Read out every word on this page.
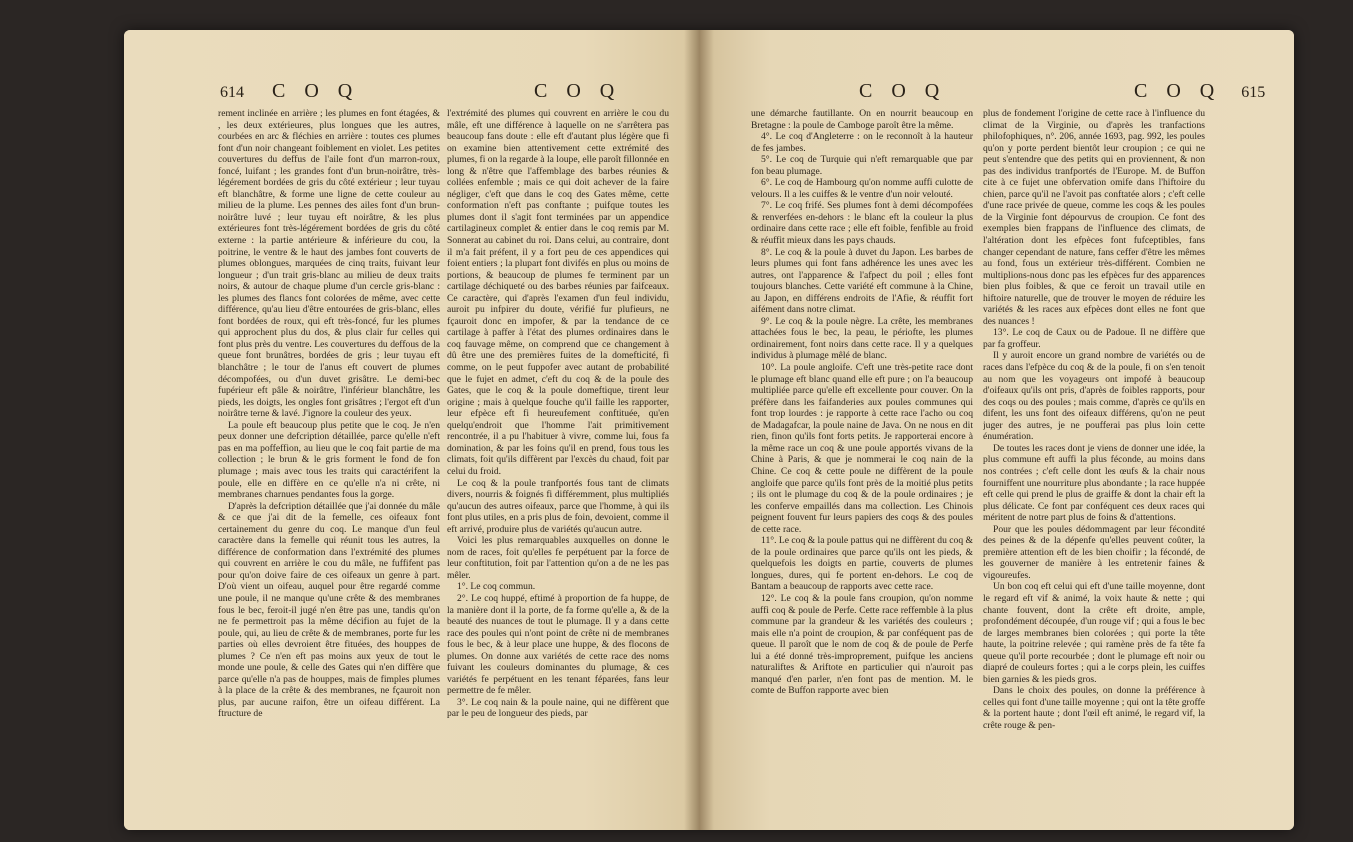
614 C O Q	C O Q

rement inclinée en arrière ; les plumes en font étagées, & , les deux extérieures, plus longues que les autres, courbées en arc & fléchies en arrière : toutes ces plumes font d'un noir changeant foiblement en violet. Les petites couvertures du deffus de l'aile font d'un marron-roux, foncé, luifant ; les grandes font d'un brun-noirâtre, très-légérement bordées de gris du côté extérieur ; leur tuyau eft blanchâtre, & forme une ligne de cette couleur au milieu de la plume. Les pennes des ailes font d'un brun-noirâtre luvé ; leur tuyau eft noirâtre, & les plus extérieures font très-légérement bordées de gris du côté externe : la partie antérieure & inférieure du cou, la poitrine, le ventre & le haut des jambes font couverts de plumes oblongues, marquées de cinq traits, fuivant leur longueur ; d'un trait gris-blanc au milieu de deux traits noirs, & autour de chaque plume d'un cercle gris-blanc : les plumes des flancs font colorées de même, avec cette différence, qu'au lieu d'être entourées de gris-blanc, elles font bordées de roux, qui eft très-foncé, fur les plumes qui approchent plus du dos, & plus clair fur celles qui font plus près du ventre. Les couvertures du deffous de la queue font brunâtres, bordées de gris ; leur tuyau eft blanchâtre ; le tour de l'anus eft couvert de plumes décompofées, ou d'un duvet grisâtre. Le demi-bec fupérieur eft pâle & noirâtre, l'inférieur blanchâtre, les pieds, les doigts, les ongles font grisâtres ; l'ergot eft d'un noirâtre terne & lavé. J'ignore la couleur des yeux.

La poule eft beaucoup plus petite que le coq. Je n'en peux donner une defcription détaillée, parce qu'elle n'eft pas en ma poffeffion, au lieu que le coq fait partie de ma collection ; le brun & le gris forment le fond de fon plumage ; mais avec tous les traits qui caractérifent la poule, elle en diffère en ce qu'elle n'a ni crête, ni membranes charnues pendantes fous la gorge.

D'après la defcription détaillée que j'ai donnée du mâle & ce que j'ai dit de la femelle, ces oifeaux font certainement du genre du coq. Le manque d'un feul caractère dans la femelle qui réunit tous les autres, la différence de conformation dans l'extrémité des plumes qui couvrent en arrière le cou du mâle, ne fuffifent pas pour qu'on doive faire de ces oifeaux un genre à part. D'où vient un oifeau, auquel pour être regardé comme une poule, il ne manque qu'une crête & des membranes fous le bec, feroit-il jugé n'en être pas une, tandis qu'on ne fe permettroit pas la même décifion au fujet de la poule, qui, au lieu de crête & de membranes, porte fur les parties où elles devroient être fituées, des houppes de plumes ? Ce n'en eft pas moins aux yeux de tout le monde une poule, & celle des Gates qui n'en diffère que parce qu'elle n'a pas de houppes, mais de fimples plumes à la place de la crête & des membranes, ne fçauroit non plus, par aucune raifon, être un oifeau différent. La ftructure de

l'extrémité des plumes qui couvrent en arrière le cou du mâle, eft une différence à laquelle on ne s'arrêtera pas beaucoup fans doute : elle eft d'autant plus légère que fi on examine bien attentivement cette extrémité des plumes, fi on la regarde à la loupe, elle paroît fillonnée en long & n'être que l'affemblage des barbes réunies & collées enfemble ; mais ce qui doit achever de la faire négliger, c'eft que dans le coq des Gates même, cette conformation n'eft pas conftante ; puifque toutes les plumes dont il s'agit font terminées par un appendice cartilagineux complet & entier dans le coq remis par M. Sonnerat au cabinet du roi. Dans celui, au contraire, dont il m'a fait préfent, il y a fort peu de ces appendices qui foient entiers ; la plupart font divifés en plus ou moins de portions, & beaucoup de plumes fe terminent par un cartilage déchiqueté ou des barbes réunies par faifceaux. Ce caractère, qui d'après l'examen d'un feul individu, auroit pu infpirer du doute, vérifié fur plufieurs, ne fçauroit donc en impofer, & par la tendance de ce cartilage à paffer à l'état des plumes ordinaires dans le coq fauvage même, on comprend que ce changement à dû être une des premières fuites de la domefticité, fi comme, on le peut fuppofer avec autant de probabilité que le fujet en admet, c'eft du coq & de la poule des Gates, que le coq & la poule domeftique, tirent leur origine ; mais à quelque fouche qu'il faille les rapporter, leur efpèce eft fi heureufement conftituée, qu'en quelqu'endroit que l'homme l'ait primitivement rencontrée, il a pu l'habituer à vivre, comme lui, fous fa domination, & par les foins qu'il en prend, fous tous les climats, foit qu'ils diffèrent par l'excès du chaud, foit par celui du froid.

Le coq & la poule tranfportés fous tant de climats divers, nourris & foignés fi différemment, plus multipliés qu'aucun des autres oifeaux, parce que l'homme, à qui ils font plus utiles, en a pris plus de foin, devoient, comme il eft arrivé, produire plus de variétés qu'aucun autre.

Voici les plus remarquables auxquelles on donne le nom de races, foit qu'elles fe perpétuent par la force de leur conftitution, foit par l'attention qu'on a de ne les pas mêler.

1°. Le coq commun.

2°. Le coq huppé, eftimé à proportion de fa huppe, de la manière dont il la porte, de fa forme qu'elle a, & de la beauté des nuances de tout le plumage. Il y a dans cette race des poules qui n'ont point de crête ni de membranes fous le bec, & à leur place une huppe, & des flocons de plumes. On donne aux variétés de cette race des noms fuivant les couleurs dominantes du plumage, & ces variétés fe perpétuent en les tenant féparées, fans leur permettre de fe mêler.

3°. Le coq nain & la poule naine, qui ne diffèrent que par le peu de longueur des pieds, par

C O Q	C O Q 615

une démarche fautillante. On en nourrit beaucoup en Bretagne : la poule de Camboge paroît être la même.

4°. Le coq d'Angleterre : on le reconnoît à la hauteur de fes jambes.

5°. Le coq de Turquie qui n'eft remarquable que par fon beau plumage.

6°. Le coq de Hambourg qu'on nomme auffi culotte de velours. Il a les cuiffes & le ventre d'un noir velouté.

7°. Le coq frifé. Ses plumes font à demi décompofées & renverfées en-dehors : le blanc eft la couleur la plus ordinaire dans cette race ; elle eft foible, fenfible au froid & réuffit mieux dans les pays chauds.

8°. Le coq & la poule à duvet du Japon. Les barbes de leurs plumes qui font fans adhérence les unes avec les autres, ont l'apparence & l'afpect du poil ; elles font toujours blanches. Cette variété eft commune à la Chine, au Japon, en différens endroits de l'Afie, & réuffit fort aifément dans notre climat.

9°. Le coq & la poule nègre. La crête, les membranes attachées fous le bec, la peau, le périofte, les plumes ordinairement, font noirs dans cette race. Il y a quelques individus à plumage mêlé de blanc.

10°. La poule angloife. C'eft une très-petite race dont le plumage eft blanc quand elle eft pure ; on l'a beaucoup multipliée parce qu'elle eft excellente pour couver. On la préfère dans les faifanderies aux poules communes qui font trop lourdes : je rapporte à cette race l'acho ou coq de Madagafcar, la poule naine de Java. On ne nous en dit rien, finon qu'ils font forts petits. Je rapporterai encore à la même race un coq & une poule apportés vivans de la Chine à Paris, & que je nommerai le coq nain de la Chine. Ce coq & cette poule ne diffèrent de la poule angloife que parce qu'ils font près de la moitié plus petits ; ils ont le plumage du coq & de la poule ordinaires ; je les conferve empaillés dans ma collection. Les Chinois peignent fouvent fur leurs papiers des coqs & des poules de cette race.

11°. Le coq & la poule pattus qui ne diffèrent du coq & de la poule ordinaires que parce qu'ils ont les pieds, & quelquefois les doigts en partie, couverts de plumes longues, dures, qui fe portent en-dehors. Le coq de Bantam a beaucoup de rapports avec cette race.

12°. Le coq & la poule fans croupion, qu'on nomme auffi coq & poule de Perfe. Cette race reffemble à la plus commune par la grandeur & les variétés des couleurs ; mais elle n'a point de croupion, & par conféquent pas de queue. Il paroît que le nom de coq & de poule de Perfe lui a été donné très-improprement, puifque les anciens naturaliftes & Ariftote en particulier qui n'auroit pas manqué d'en parler, n'en font pas de mention. M. le comte de Buffon rapporte avec bien

plus de fondement l'origine de cette race à l'influence du climat de la Virginie, ou d'après les tranfactions philofophiques, n°. 206, année 1693, pag. 992, les poules qu'on y porte perdent bientôt leur croupion ; ce qui ne peut s'entendre que des petits qui en proviennent, & non pas des individus tranfportés de l'Europe. M. de Buffon cite à ce fujet une obfervation omife dans l'hiftoire du chien, parce qu'il ne l'avoit pas conftatée alors ; c'eft celle d'une race privée de queue, comme les coqs & les poules de la Virginie font dépourvus de croupion. Ce font des exemples bien frappans de l'influence des climats, de l'altération dont les efpèces font fufceptibles, fans changer cependant de nature, fans ceffer d'être les mêmes au fond, fous un extérieur très-différent. Combien ne multiplions-nous donc pas les efpèces fur des apparences bien plus foibles, & que ce feroit un travail utile en hiftoire naturelle, que de trouver le moyen de réduire les variétés & les races aux efpèces dont elles ne font que des nuances !

13°. Le coq de Caux ou de Padoue. Il ne diffère que par fa groffeur.

Il y auroit encore un grand nombre de variétés ou de races dans l'efpèce du coq & de la poule, fi on s'en tenoit au nom que les voyageurs ont impofé à beaucoup d'oifeaux qu'ils ont pris, d'après de foibles rapports, pour des coqs ou des poules ; mais comme, d'après ce qu'ils en difent, les uns font des oifeaux différens, qu'on ne peut juger des autres, je ne poufferai pas plus loin cette énumération.

De toutes les races dont je viens de donner une idée, la plus commune eft auffi la plus féconde, au moins dans nos contrées ; c'eft celle dont les œufs & la chair nous fourniffent une nourriture plus abondante ; la race huppée eft celle qui prend le plus de graiffe & dont la chair eft la plus délicate. Ce font par conféquent ces deux races qui méritent de notre part plus de foins & d'attentions.

Pour que les poules dédommagent par leur fécondité des peines & de la dépenfe qu'elles peuvent coûter, la première attention eft de les bien choifir ; la fécondé, de les gouverner de manière à les entretenir faines & vigoureufes.

Un bon coq eft celui qui eft d'une taille moyenne, dont le regard eft vif & animé, la voix haute & nette ; qui chante fouvent, dont la crête eft droite, ample, profondément découpée, d'un rouge vif ; qui a fous le bec de larges membranes bien colorées ; qui porte la tête haute, la poitrine relevée ; qui ramène près de fa tête fa queue qu'il porte recourbée ; dont le plumage eft noir ou diapré de couleurs fortes ; qui a le corps plein, les cuiffes bien garnies & les pieds gros.

Dans le choix des poules, on donne la préférence à celles qui font d'une taille moyenne ; qui ont la tête groffe & la portent haute ; dont l'œil eft animé, le regard vif, la crête rouge & pen-
